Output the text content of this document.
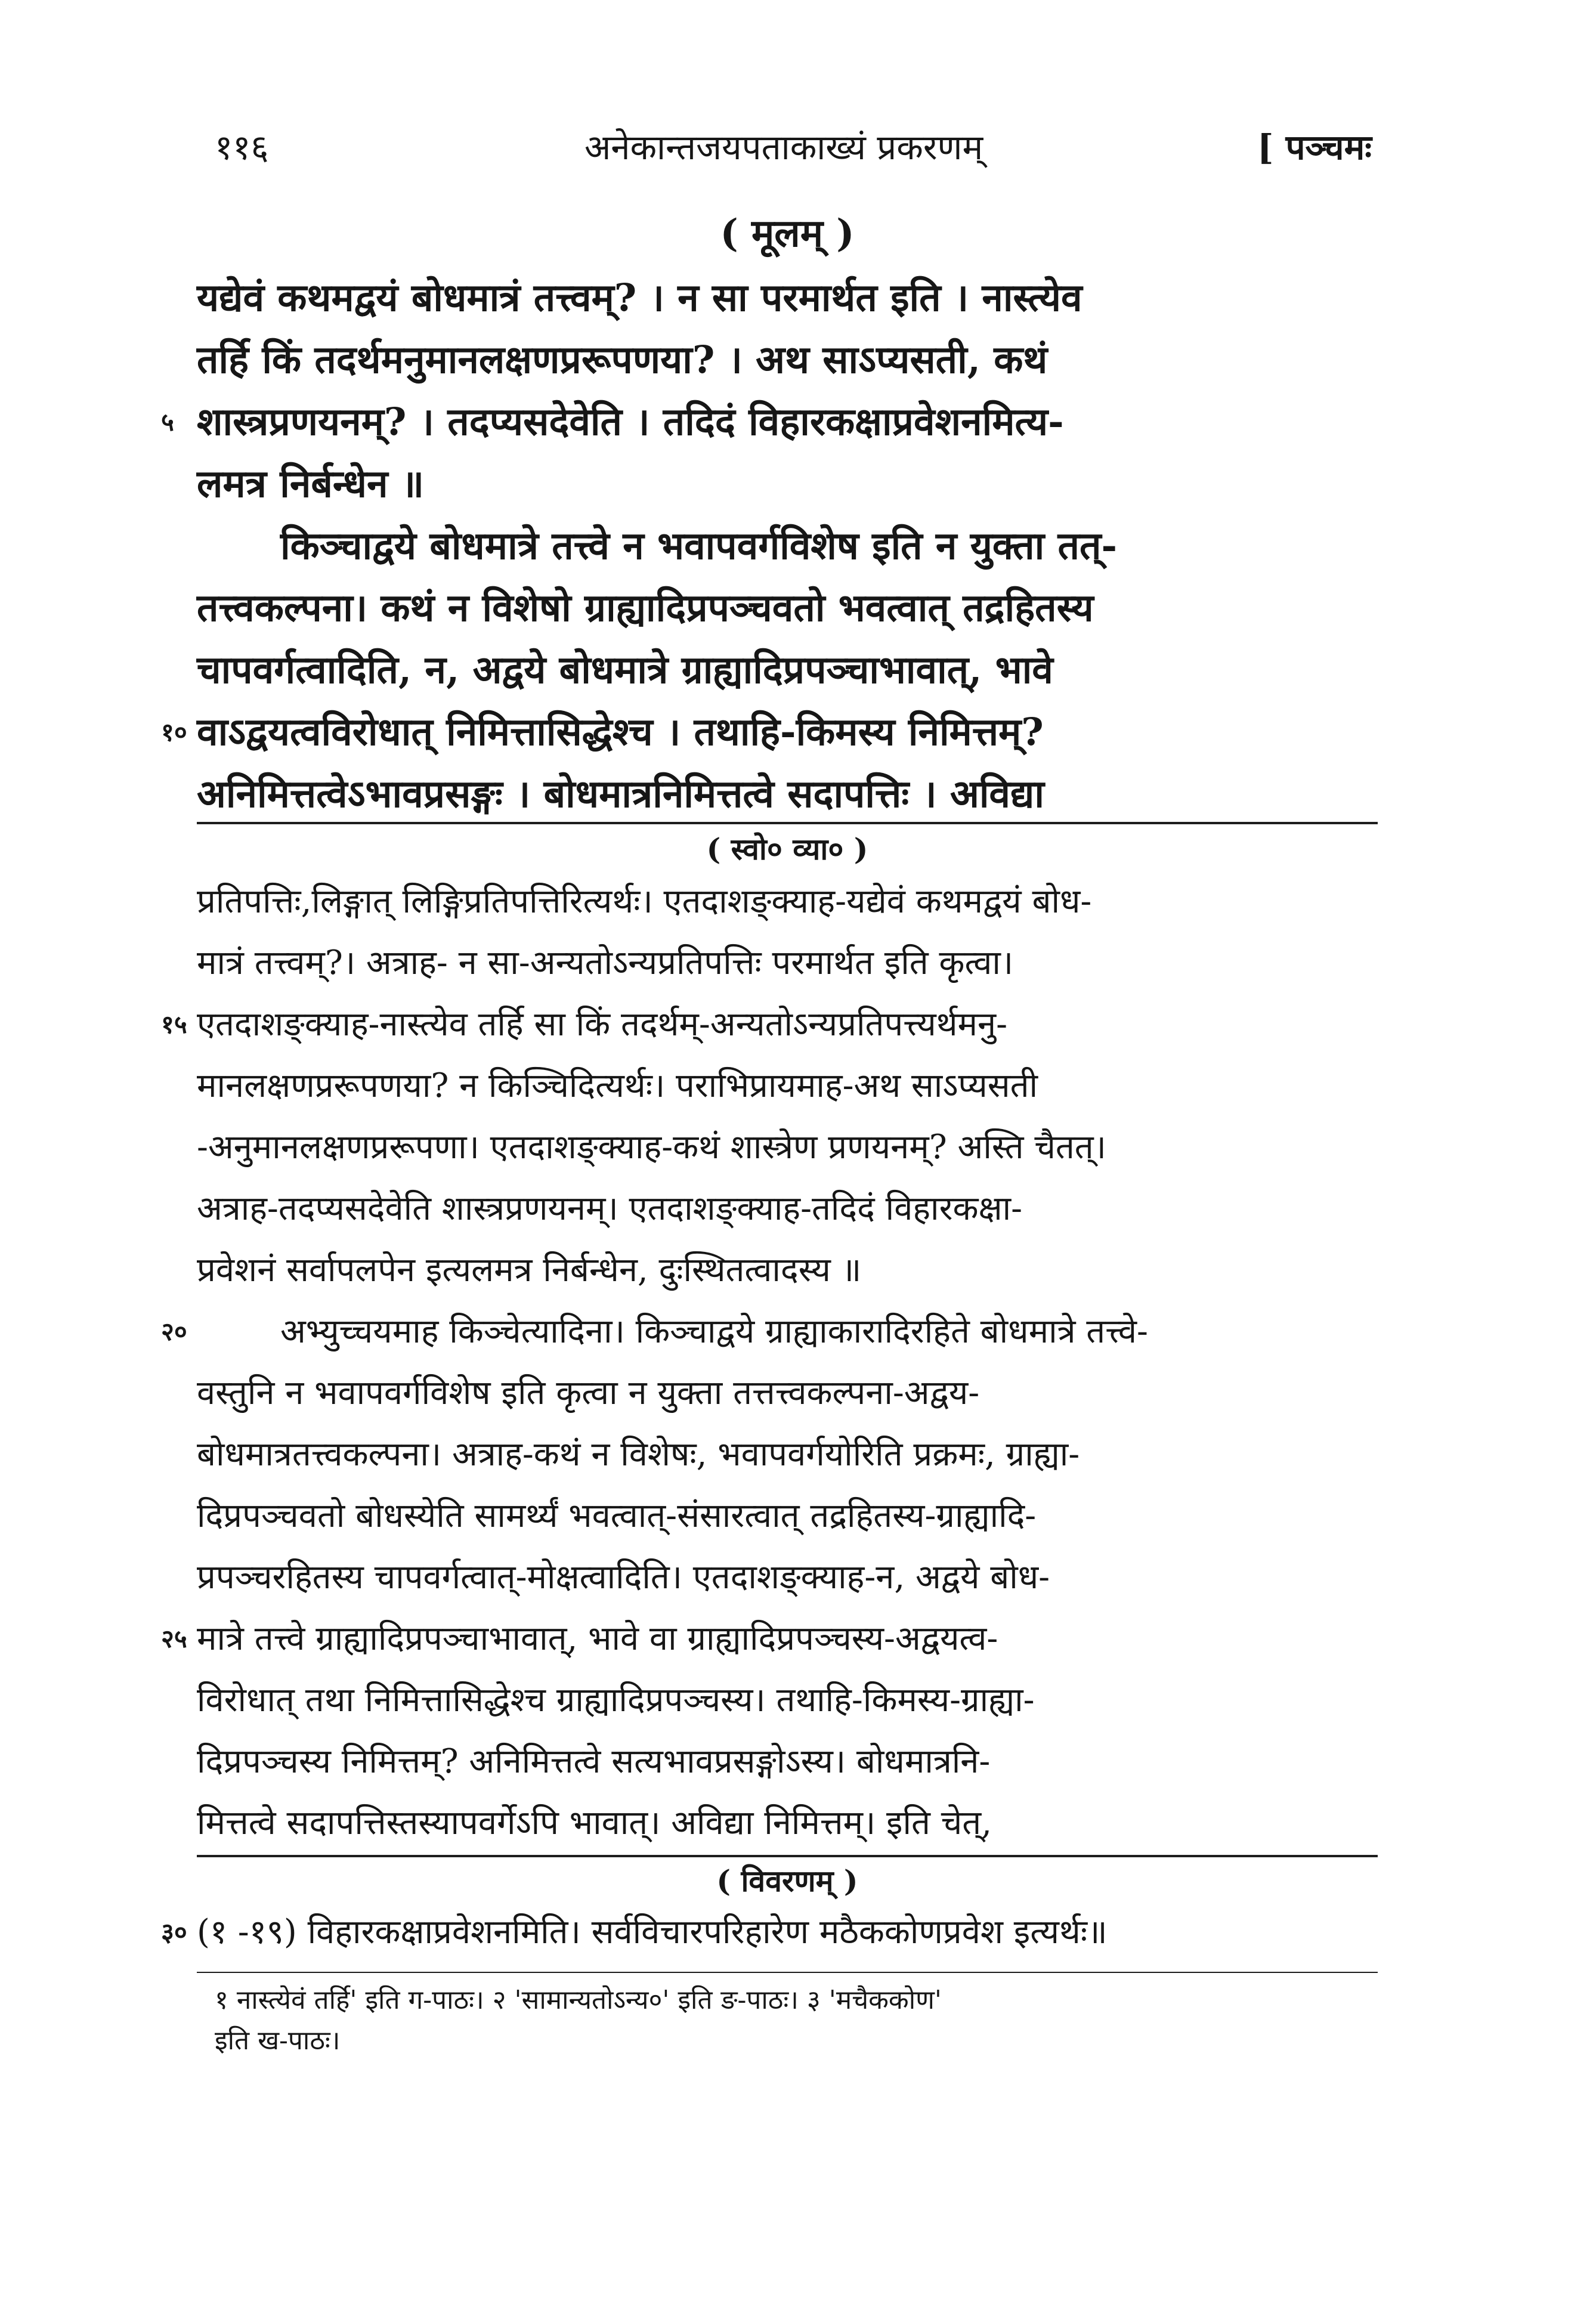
११६	अनेकान्तजयपताकाख्यं प्रकरणम्	[ पञ्चमः
( मूलम् )
यद्येवं कथमद्वयं बोधमात्रं तत्त्वम्? । न सा परमार्थत इति । नास्त्येव
तर्हि किं तदर्थमनुमानलक्षणप्ररूपणया? । अथ साऽप्यसती, कथं
५ शास्त्रप्रणयनम्? । तदप्यसदेवेति । तदिदं विहारकक्षाप्रवेशनमित्य-
लमत्र निर्बन्धेन ॥
किञ्चाद्वये बोधमात्रे तत्त्वे न भवापवर्गविशेष इति न युक्ता तत्-
तत्त्वकल्पना। कथं न विशेषो ग्राह्यादिप्रपञ्चवतो भवत्वात् तद्रहितस्य
चापवर्गत्वादिति, न, अद्वये बोधमात्रे ग्राह्यादिप्रपञ्चाभावात्, भावे
१० वाऽद्वयत्वविरोधात् निमित्तासिद्धेश्च । तथाहि-किमस्य निमित्तम्?
अनिमित्तत्वेऽभावप्रसङ्गः । बोधमात्रनिमित्तत्वे सदापत्तिः । अविद्या
( स्वो० व्या० )
प्रतिपत्तिः,लिङ्गात् लिङ्गिप्रतिपत्तिरित्यर्थः। एतदाशङ्क्याह-यद्येवं कथमद्वयं बोध-
मात्रं तत्त्वम्?। अत्राह- न सा-अन्यतोऽन्यप्रतिपत्तिः परमार्थत इति कृत्वा।
१५ एतदाशङ्क्याह-नास्त्येव तर्हि सा किं तदर्थम्-अन्यतोऽन्यप्रतिपत्त्यर्थमनु-
मानलक्षणप्ररूपणया? न किञ्चिदित्यर्थः। पराभिप्रायमाह-अथ साऽप्यसती
-अनुमानलक्षणप्ररूपणा। एतदाशङ्क्याह-कथं शास्त्रेण प्रणयनम्? अस्ति चैतत्।
अत्राह-तदप्यसदेवेति शास्त्रप्रणयनम्। एतदाशङ्क्याह-तदिदं विहारकक्षा-
प्रवेशनं सर्वापलपेन इत्यलमत्र निर्बन्धेन, दुःस्थितत्वादस्य ॥
२०	अभ्युच्चयमाह किञ्चेत्यादिना। किञ्चाद्वये ग्राह्याकारादिरहिते बोधमात्रे तत्त्वे-
वस्तुनि न भवापवर्गविशेष इति कृत्वा न युक्ता तत्तत्त्वकल्पना-अद्वय-
बोधमात्रतत्त्वकल्पना। अत्राह-कथं न विशेषः, भवापवर्गयोरिति प्रक्रमः, ग्राह्या-
दिप्रपञ्चवतो बोधस्येति सामर्थ्यं भवत्वात्-संसारत्वात् तद्रहितस्य-ग्राह्यादि-
प्रपञ्चरहितस्य चापवर्गत्वात्-मोक्षत्वादिति। एतदाशङ्क्याह-न, अद्वये बोध-
२५ मात्रे तत्त्वे ग्राह्यादिप्रपञ्चाभावात्, भावे वा ग्राह्यादिप्रपञ्चस्य-अद्वयत्व-
विरोधात् तथा निमित्तासिद्धेश्च ग्राह्यादिप्रपञ्चस्य। तथाहि-किमस्य-ग्राह्या-
दिप्रपञ्चस्य निमित्तम्? अनिमित्तत्वे सत्यभावप्रसङ्गोऽस्य। बोधमात्रनि-
मित्तत्वे सदापत्तिस्तस्यापवर्गेऽपि भावात्। अविद्या निमित्तम्। इति चेत्,
( विवरणम् )
३० (१ -१९) विहारकक्षाप्रवेशनमिति। सर्वविचारपरिहारेण मठैककोणप्रवेश इत्यर्थः॥
१ नास्त्येवं तर्हि' इति ग-पाठः। २ 'सामान्यतोऽन्य०' इति ङ-पाठः। ३ 'मचैककोण'
इति ख-पाठः।
